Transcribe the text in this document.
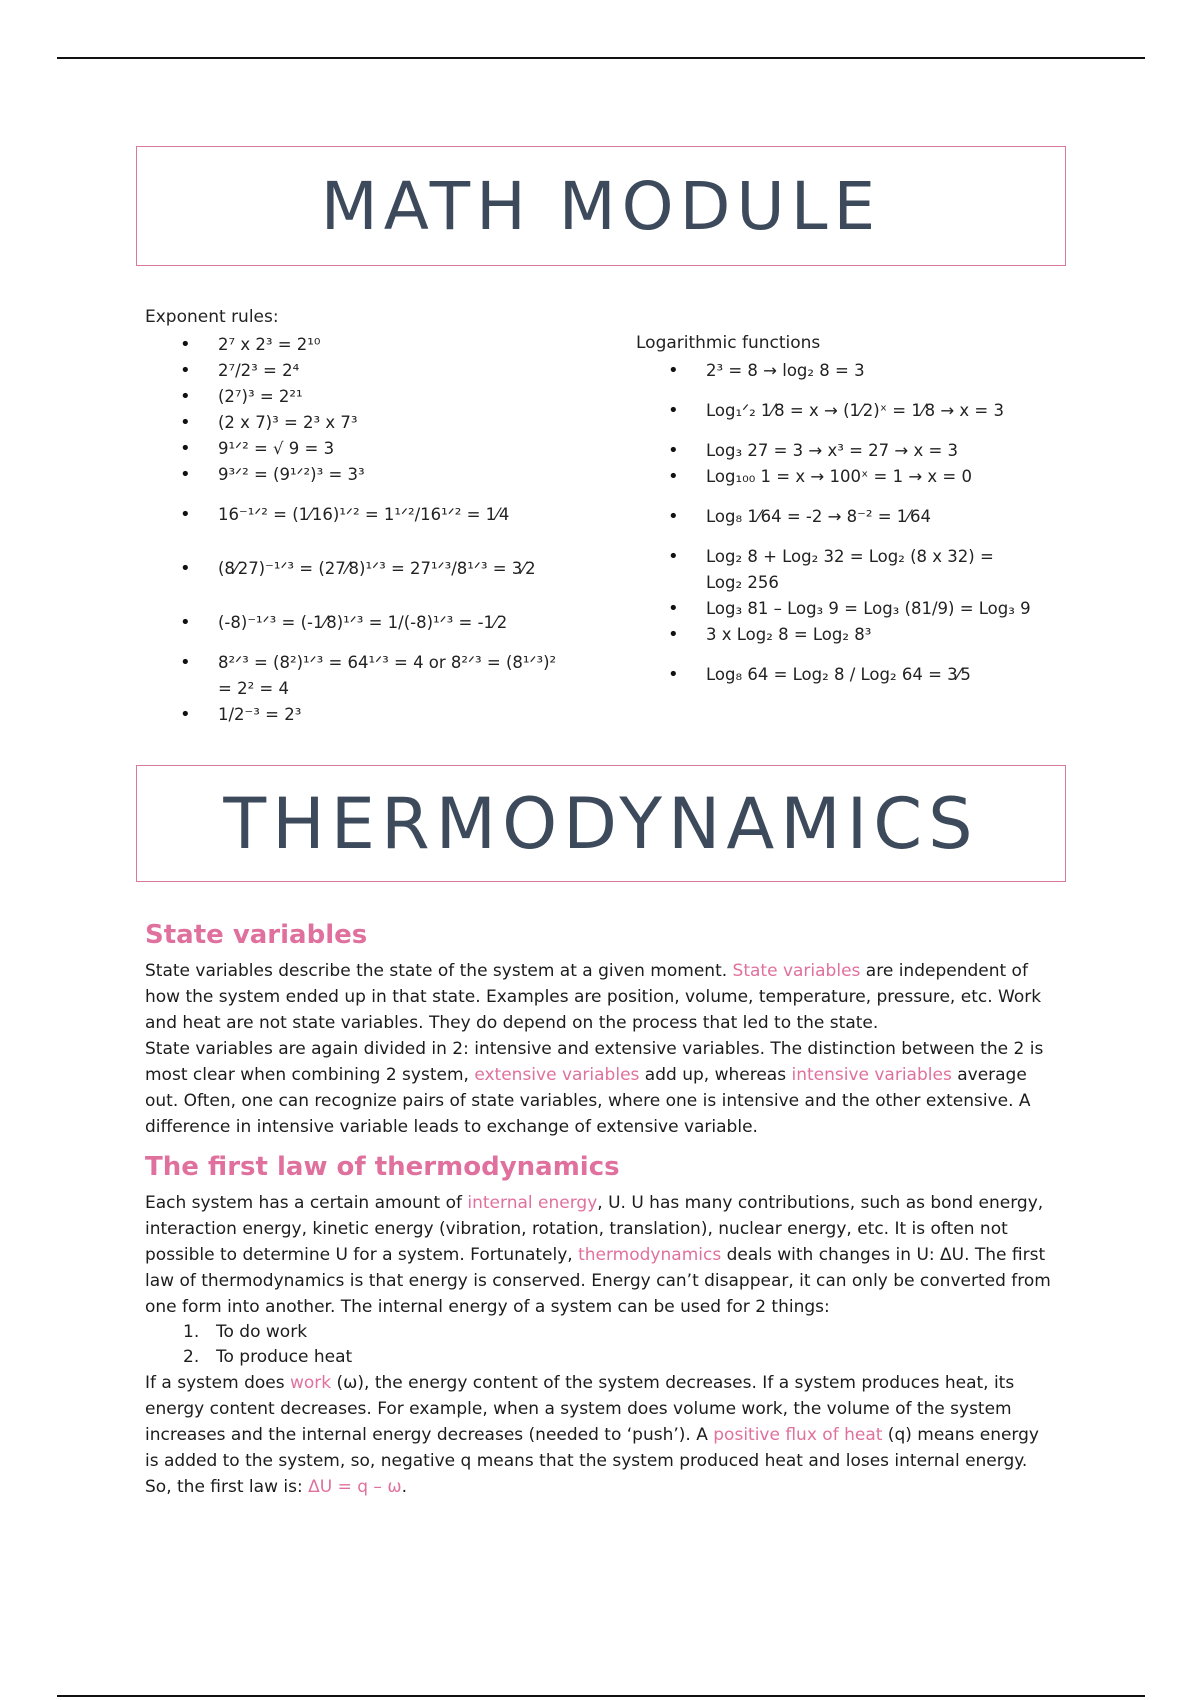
MATH MODULE
Exponent rules:
• 2⁷ x 2³ = 2¹⁰
• 2⁷/2³ = 2⁴
• (2⁷)³ = 2²¹
• (2 x 7)³ = 2³ x 7³
• 9¹ᐟ² = √ 9 = 3
• 9³ᐟ² = (9¹ᐟ²)³ = 3³
• 16⁻¹ᐟ² = (1⁄16)¹ᐟ² = 1¹ᐟ²/16¹ᐟ² = 1⁄4
• (8⁄27)⁻¹ᐟ³ = (27⁄8)¹ᐟ³ = 27¹ᐟ³/8¹ᐟ³ = 3⁄2
• (-8)⁻¹ᐟ³ = (-1⁄8)¹ᐟ³ = 1/(-8)¹ᐟ³ = -1⁄2
• 8²ᐟ³ = (8²)¹ᐟ³ = 64¹ᐟ³ = 4 or 8²ᐟ³ = (8¹ᐟ³)² = 2² = 4
• 1/2⁻³ = 2³
Logarithmic functions
• 2³ = 8 → log₂ 8 = 3
• Log₁ᐟ₂ 1⁄8 = x → (1⁄2)ˣ = 1⁄8 → x = 3
• Log₃ 27 = 3 → x³ = 27 → x = 3
• Log₁₀₀ 1 = x → 100ˣ = 1 → x = 0
• Log₈ 1⁄64 = -2 → 8⁻² = 1⁄64
• Log₂ 8 + Log₂ 32 = Log₂ (8 x 32) = Log₂ 256
• Log₃ 81 – Log₃ 9 = Log₃ (81/9) = Log₃ 9
• 3 x Log₂ 8 = Log₂ 8³
• Log₈ 64 = Log₂ 8 / Log₂ 64 = 3⁄5
THERMODYNAMICS
State variables

State variables describe the state of the system at a given moment. State variables are independent of how the system ended up in that state. Examples are position, volume, temperature, pressure, etc. Work and heat are not state variables. They do depend on the process that led to the state.

State variables are again divided in 2: intensive and extensive variables. The distinction between the 2 is most clear when combining 2 system, extensive variables add up, whereas intensive variables average out. Often, one can recognize pairs of state variables, where one is intensive and the other extensive. A difference in intensive variable leads to exchange of extensive variable.

The first law of thermodynamics

Each system has a certain amount of internal energy, U. U has many contributions, such as bond energy, interaction energy, kinetic energy (vibration, rotation, translation), nuclear energy, etc. It is often not possible to determine U for a system. Fortunately, thermodynamics deals with changes in U: ΔU. The first law of thermodynamics is that energy is conserved. Energy can’t disappear, it can only be converted from one form into another. The internal energy of a system can be used for 2 things:

1. To do work
2. To produce heat

If a system does work (ω), the energy content of the system decreases. If a system produces heat, its energy content decreases. For example, when a system does volume work, the volume of the system increases and the internal energy decreases (needed to ‘push’). A positive flux of heat (q) means energy is added to the system, so, negative q means that the system produced heat and loses internal energy. So, the first law is: ΔU = q – ω.
